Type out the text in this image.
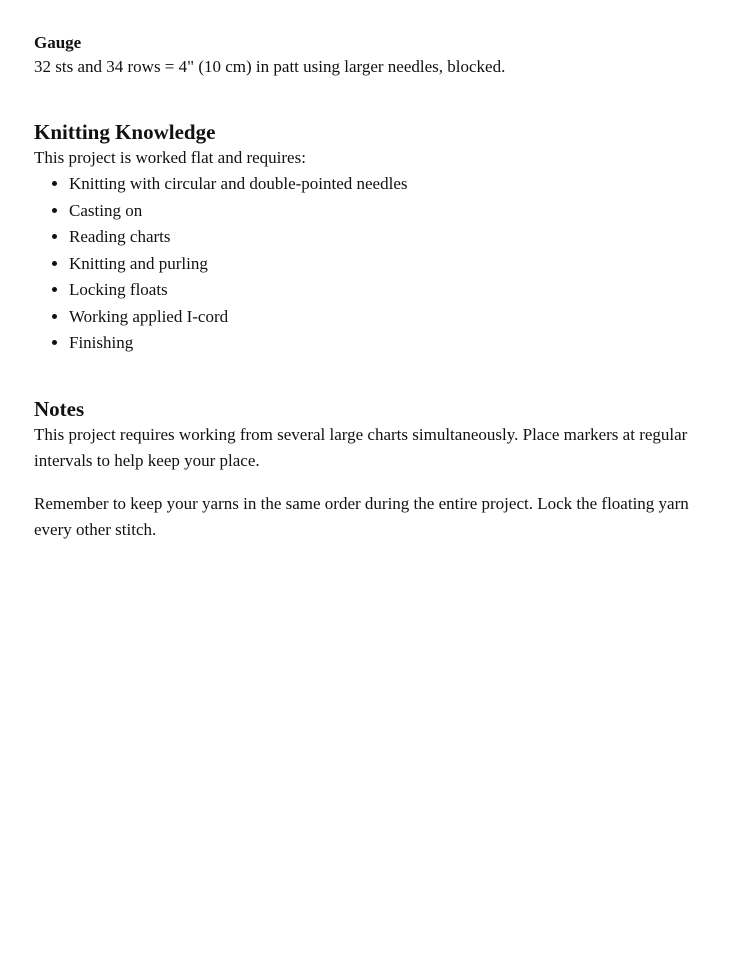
Gauge

32 sts and 34 rows = 4" (10 cm) in patt using larger needles, blocked.

Knitting Knowledge

This project is worked flat and requires:

• Knitting with circular and double-pointed needles
• Casting on
• Reading charts
• Knitting and purling
• Locking floats
• Working applied I-cord
• Finishing
Notes

This project requires working from several large charts simultaneously. Place markers at regular intervals to help keep your place.

Remember to keep your yarns in the same order during the entire project. Lock the floating yarn every other stitch.
